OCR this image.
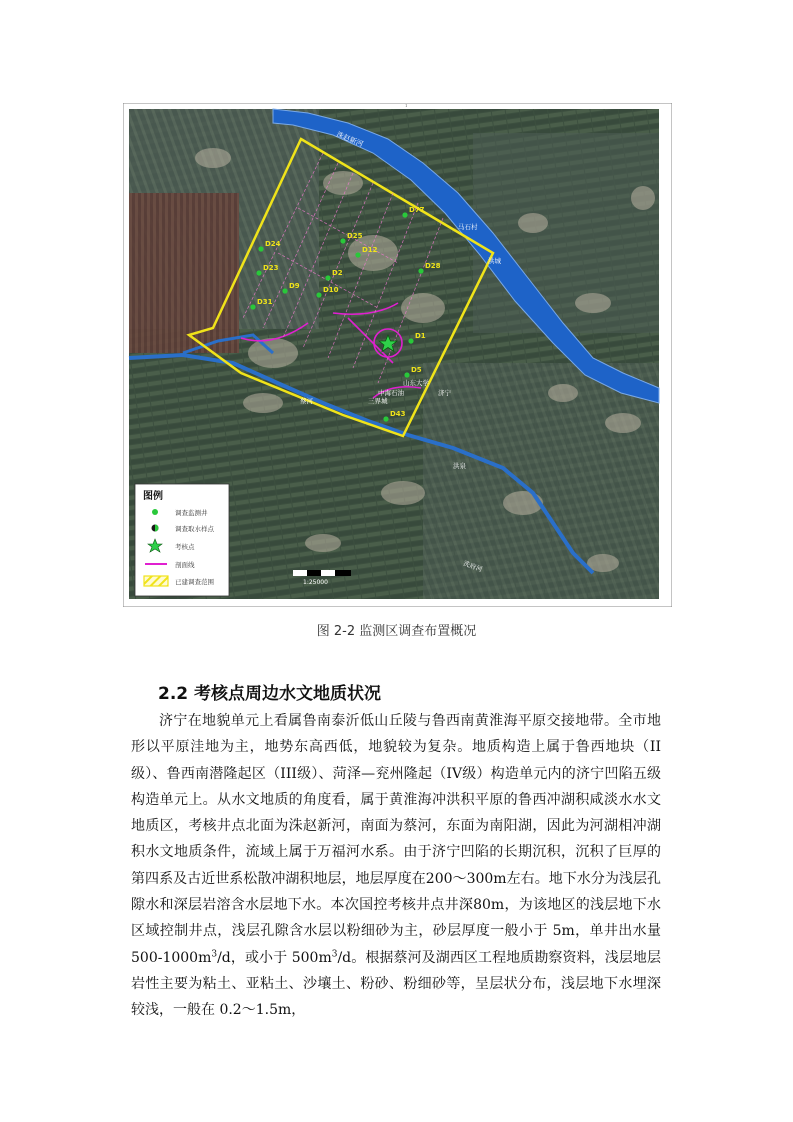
D77
D25
D12
D24
D2
D23
D9	D10
D31
D28
D5
D43
D1
马石村
三界城
中海石油
山东大学
济宁
洪城
洪泉
洙赵新河
蔡河
洗府河
1
1:25000
图例
调查监测井
调查取水样点
考核点
剖面线
已建调查范围
图 2-2 监测区调查布置概况
2.2 考核点周边水文地质状况

济宁在地貌单元上看属鲁南泰沂低山丘陵与鲁西南黄淮海平原交接地带。全市地形以平原洼地为主，地势东高西低，地貌较为复杂。地质构造上属于鲁西地块（II级）、鲁西南潜隆起区（III级）、菏泽—兖州隆起（IV级）构造单元内的济宁凹陷五级构造单元上。从水文地质的角度看，属于黄淮海冲洪积平原的鲁西冲湖积咸淡水水文地质区，考核井点北面为洙赵新河，南面为蔡河，东面为南阳湖，因此为河湖相冲湖积水文地质条件，流域上属于万福河水系。由于济宁凹陷的长期沉积，沉积了巨厚的第四系及古近世系松散冲湖积地层，地层厚度在200～300m左右。地下水分为浅层孔隙水和深层岩溶含水层地下水。本次国控考核井点井深80m，为该地区的浅层地下水区域控制井点，浅层孔隙含水层以粉细砂为主，砂层厚度一般小于 5m，单井出水量$500-1000m^3/d$，或小于 $500m^3/d$。根据蔡河及湖西区工程地质勘察资料，浅层地层岩性主要为粘土、亚粘土、沙壤土、粉砂、粉细砂等，呈层状分布，浅层地下水埋深较浅，一般在 0.2～1.5m，
